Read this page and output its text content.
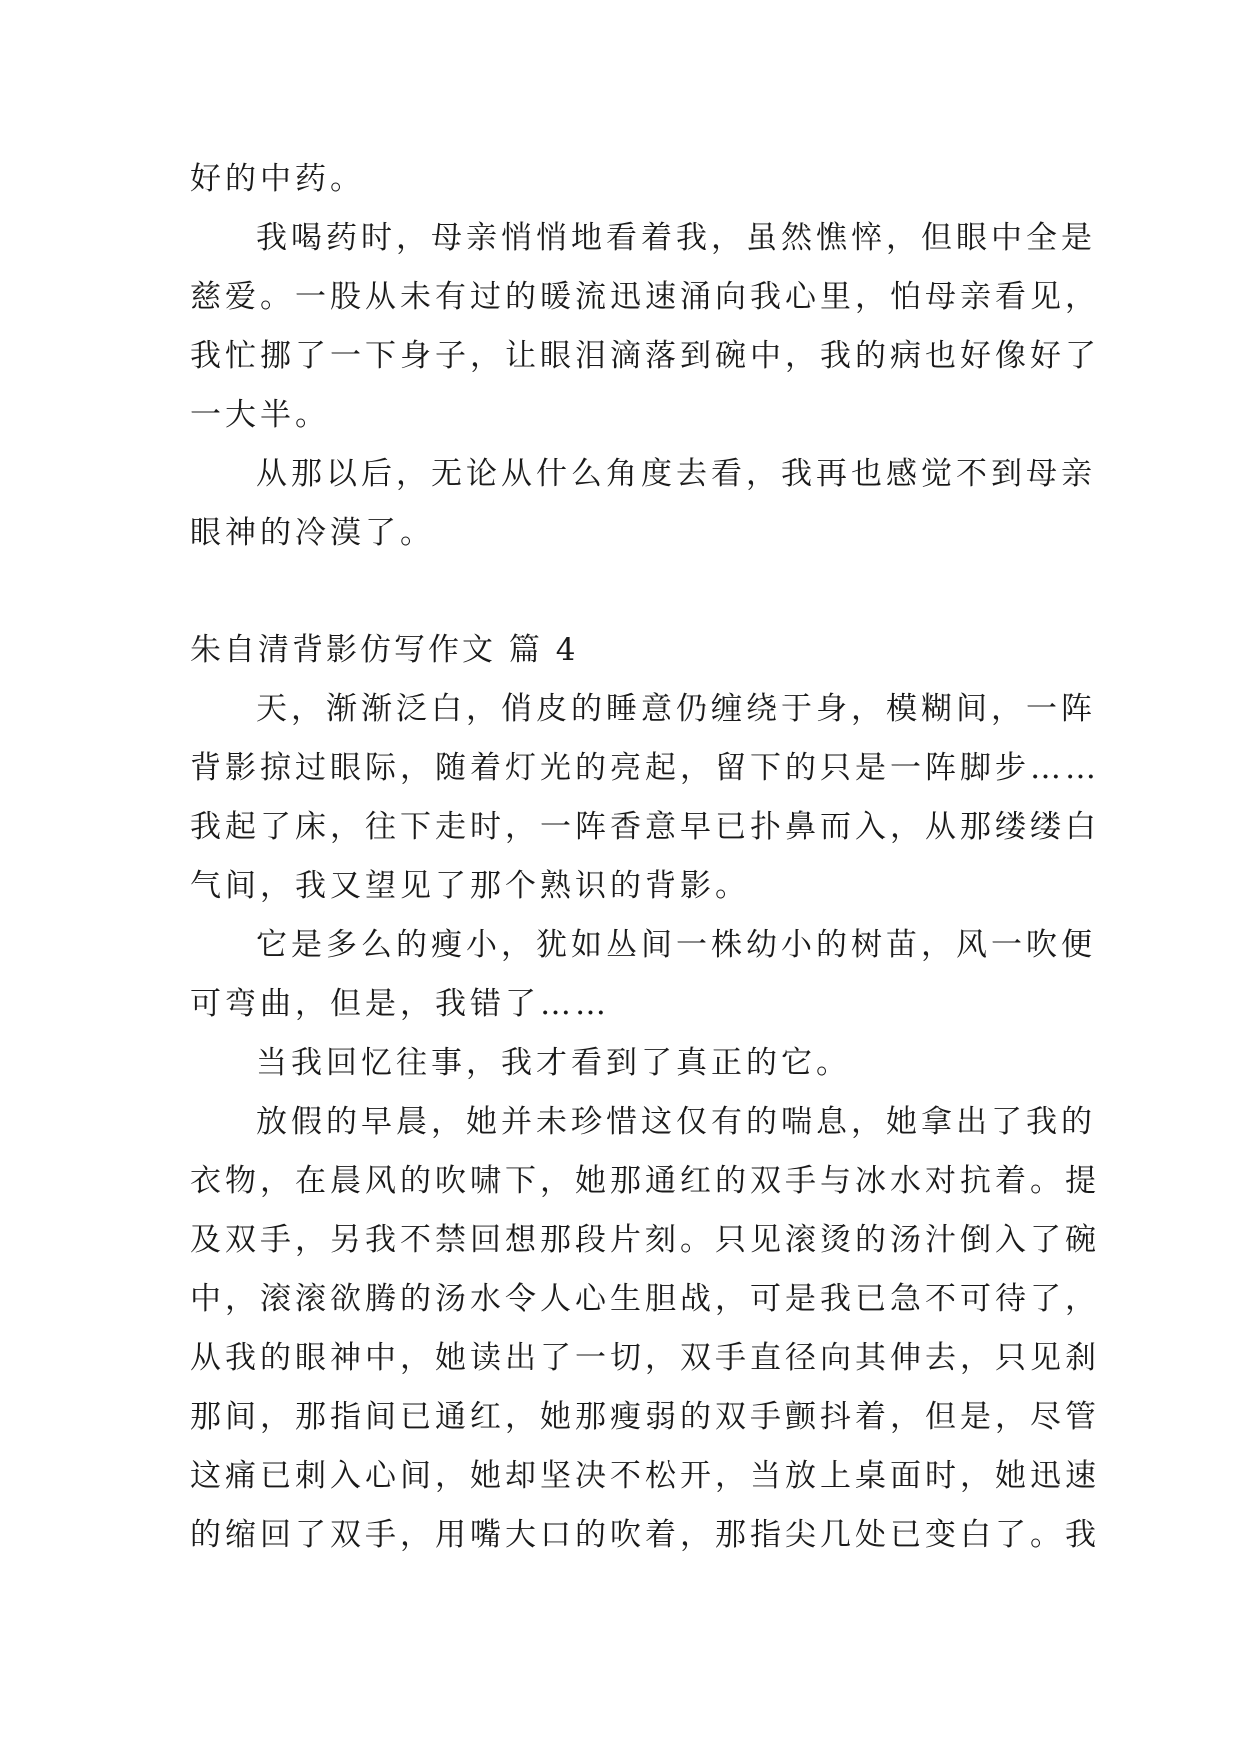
好的中药。
我喝药时，母亲悄悄地看着我，虽然憔悴，但眼中全是
慈爱。一股从未有过的暖流迅速涌向我心里，怕母亲看见，
我忙挪了一下身子，让眼泪滴落到碗中，我的病也好像好了
一大半。
从那以后，无论从什么角度去看，我再也感觉不到母亲
眼神的冷漠了。
朱自清背影仿写作文 篇 4
天，渐渐泛白，俏皮的睡意仍缠绕于身，模糊间，一阵
背影掠过眼际，随着灯光的亮起，留下的只是一阵脚步……
我起了床，往下走时，一阵香意早已扑鼻而入，从那缕缕白
气间，我又望见了那个熟识的背影。
它是多么的瘦小，犹如丛间一株幼小的树苗，风一吹便
可弯曲，但是，我错了……
当我回忆往事，我才看到了真正的它。
放假的早晨，她并未珍惜这仅有的喘息，她拿出了我的
衣物，在晨风的吹啸下，她那通红的双手与冰水对抗着。提
及双手，另我不禁回想那段片刻。只见滚烫的汤汁倒入了碗
中，滚滚欲腾的汤水令人心生胆战，可是我已急不可待了，
从我的眼神中，她读出了一切，双手直径向其伸去，只见刹
那间，那指间已通红，她那瘦弱的双手颤抖着，但是，尽管
这痛已刺入心间，她却坚决不松开，当放上桌面时，她迅速
的缩回了双手，用嘴大口的吹着，那指尖几处已变白了。我
